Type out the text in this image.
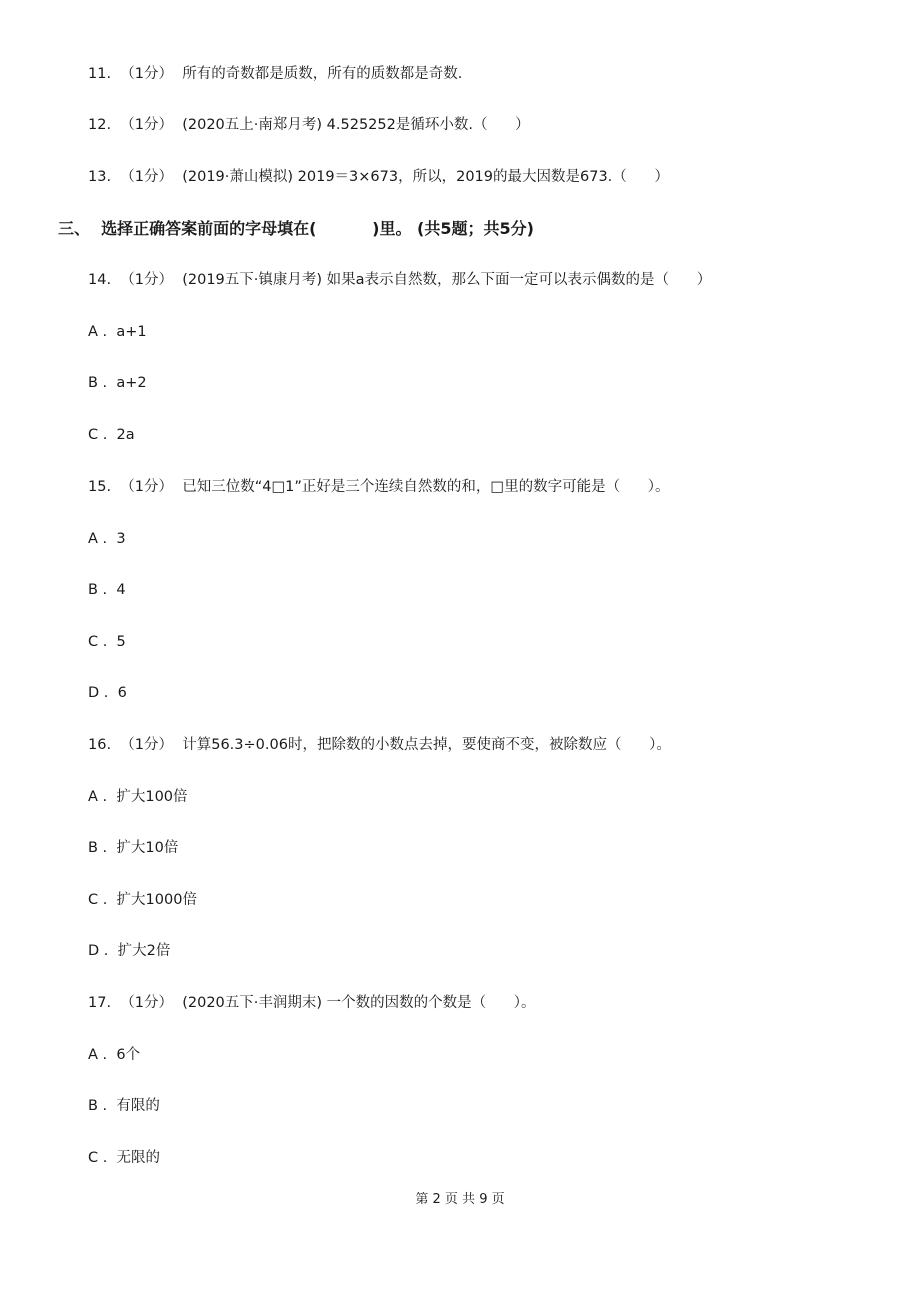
11.  （1分）  所有的奇数都是质数，所有的质数都是奇数.
12.  （1分）  (2020五上·南郑月考) 4.525252是循环小数.（      ）
13.  （1分）  (2019·萧山模拟) 2019＝3×673，所以，2019的最大因数是673.（      ）
三、  选择正确答案前面的字母填在(          )里。 (共5题；共5分)
14.  （1分）  (2019五下·镇康月考) 如果a表示自然数，那么下面一定可以表示偶数的是（      ）
A .  a+1
B .  a+2
C .  2a
15.  （1分）  已知三位数“4□1”正好是三个连续自然数的和，□里的数字可能是（      ）。
A .  3
B .  4
C .  5
D .  6
16.  （1分）  计算56.3÷0.06时，把除数的小数点去掉，要使商不变，被除数应（      ）。
A .  扩大100倍
B .  扩大10倍
C .  扩大1000倍
D .  扩大2倍
17.  （1分）  (2020五下·丰润期末) 一个数的因数的个数是（      ）。
A .  6个
B .  有限的
C .  无限的
第 2 页 共 9 页
